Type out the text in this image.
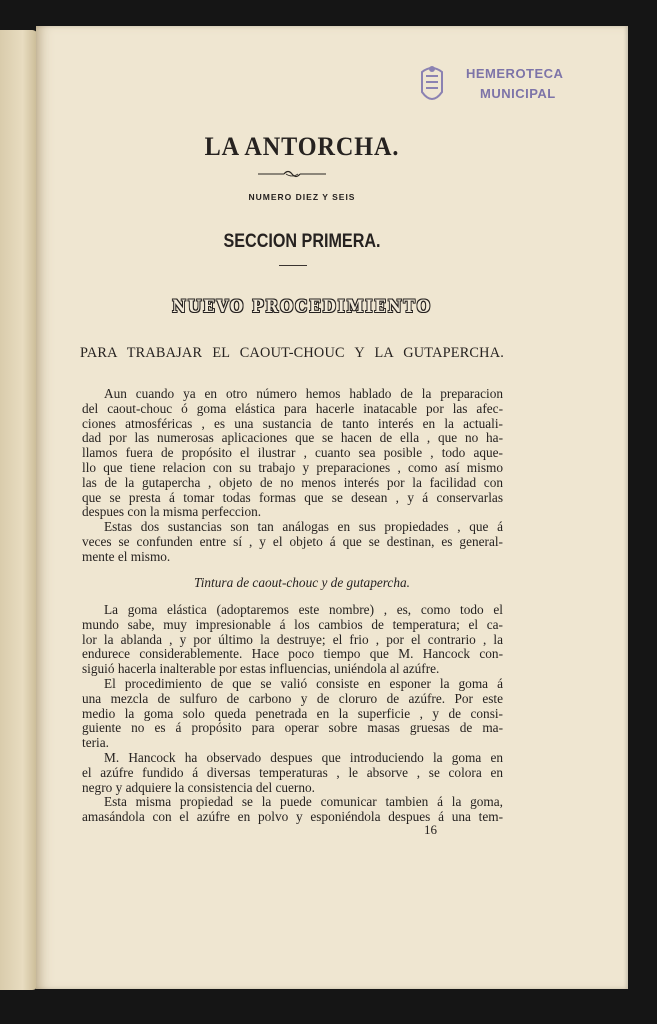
HEMEROTECA
MUNICIPAL
LA ANTORCHA.
NUMERO DIEZ Y SEIS
SECCION PRIMERA.
NUEVO PROCEDIMIENTO
PARA TRABAJAR EL CAOUT-CHOUC Y LA GUTAPERCHA.
Aun cuando ya en otro número hemos hablado de la preparacion
del caout-chouc ó goma elástica para hacerle inatacable por las afec-
ciones atmosféricas , es una sustancia de tanto interés en la actuali-
dad por las numerosas aplicaciones que se hacen de ella , que no ha-
llamos fuera de propósito el ilustrar , cuanto sea posible , todo aque-
llo que tiene relacion con su trabajo y preparaciones , como así mismo
las de la gutapercha , objeto de no menos interés por la facilidad con
que se presta á tomar todas formas que se desean , y á conservarlas
despues con la misma perfeccion.
Estas dos sustancias son tan análogas en sus propiedades , que á
veces se confunden entre sí , y el objeto á que se destinan, es general-
mente el mismo.
Tintura de caout-chouc y de gutapercha.
La goma elástica (adoptaremos este nombre) , es, como todo el
mundo sabe, muy impresionable á los cambios de temperatura; el ca-
lor la ablanda , y por último la destruye; el frio , por el contrario , la
endurece considerablemente. Hace poco tiempo que M. Hancock con-
siguió hacerla inalterable por estas influencias, uniéndola al azúfre.
El procedimiento de que se valió consiste en esponer la goma á
una mezcla de sulfuro de carbono y de cloruro de azúfre. Por este
medio la goma solo queda penetrada en la superficie , y de consi-
guiente no es á propósito para operar sobre masas gruesas de ma-
teria.
M. Hancock ha observado despues que introduciendo la goma en
el azúfre fundido á diversas temperaturas , le absorve , se colora en
negro y adquiere la consistencia del cuerno.
Esta misma propiedad se la puede comunicar tambien á la goma,
amasándola con el azúfre en polvo y esponiéndola despues á una tem-
16
